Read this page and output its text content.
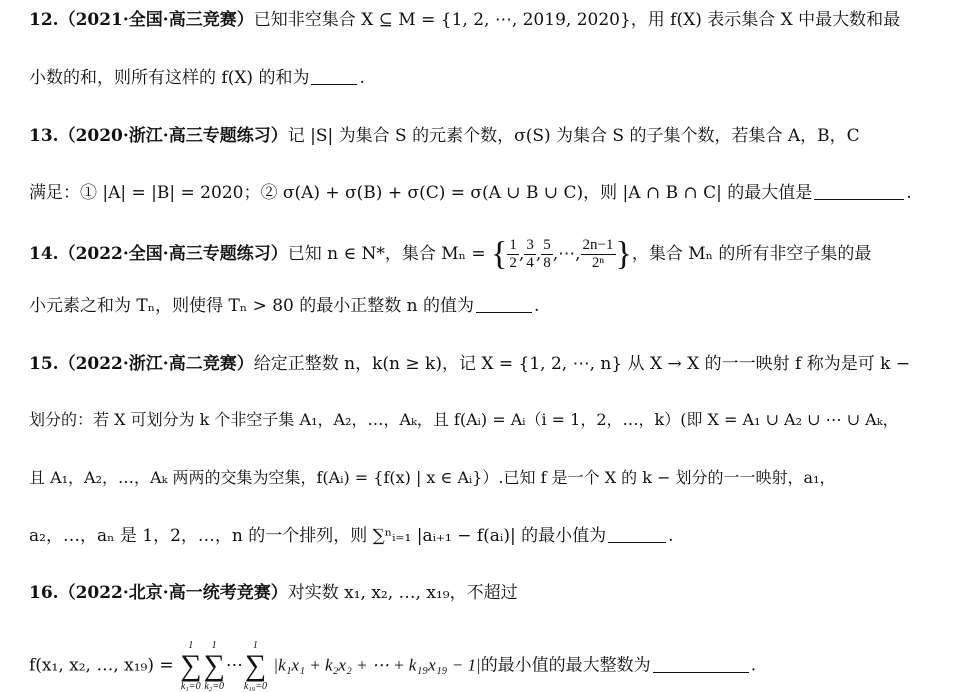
12.（2021·全国·高三竞赛）已知非空集合 X ⊆ M = {1, 2, ⋯, 2019, 2020}，用 f(X) 表示集合 X 中最大数和最
小数的和，则所有这样的 f(X) 的和为	.
13.（2020·浙江·高三专题练习）记 |S| 为集合 S 的元素个数，σ(S) 为集合 S 的子集个数，若集合 A，B，C
满足：① |A| = |B| = 2020；② σ(A) + σ(B) + σ(C) = σ(A ∪ B ∪ C)，则 |A ∩ B ∩ C| 的最大值是	.
14.（2022·全国·高三专题练习）已知 n ∈ N*，集合 Mₙ = { $\frac{1}{2}$ , $\frac{3}{4}$ , $\frac{5}{8}$ ,⋯, $\frac{2n-1}{\text{2ⁿ}}$ }，集合 Mₙ 的所有非空子集的最
小元素之和为 Tₙ，则使得 Tₙ > 80 的最小正整数 n 的值为	.
15.（2022·浙江·高二竞赛）给定正整数 n，k(n ≥ k)，记 X = {1, 2, ⋯, n} 从 X → X 的一一映射 f 称为是可 k −
划分的：若 X 可划分为 k 个非空子集 A₁，A₂，…，Aₖ，且 f(Aᵢ) = Aᵢ（i = 1，2，…，k）(即 X = A₁ ∪ A₂ ∪ ⋯ ∪ Aₖ，
且 A₁，A₂，…，Aₖ 两两的交集为空集，f(Aᵢ) = {f(x) | x ∈ Aᵢ}）.已知 f 是一个 X 的 k − 划分的一一映射，a₁，
a₂，…，aₙ 是 1，2，…，n 的一个排列，则 ∑ⁿᵢ₌₁ |aᵢ₊₁ − f(aᵢ)| 的最小值为	.
16.（2022·北京·高一统考竞赛）对实数 x₁, x₂, …, x₁₉，不超过
f(x₁, x₂, …, x₁₉) =
1
∑
k₁=0
1
∑
k₂=0
⋯
1
∑
k₁₉=0
|k₁x₁ + k₂x₂ + ⋯ + k₁₉x₁₉ − 1|的最小值的最大整数为	.
